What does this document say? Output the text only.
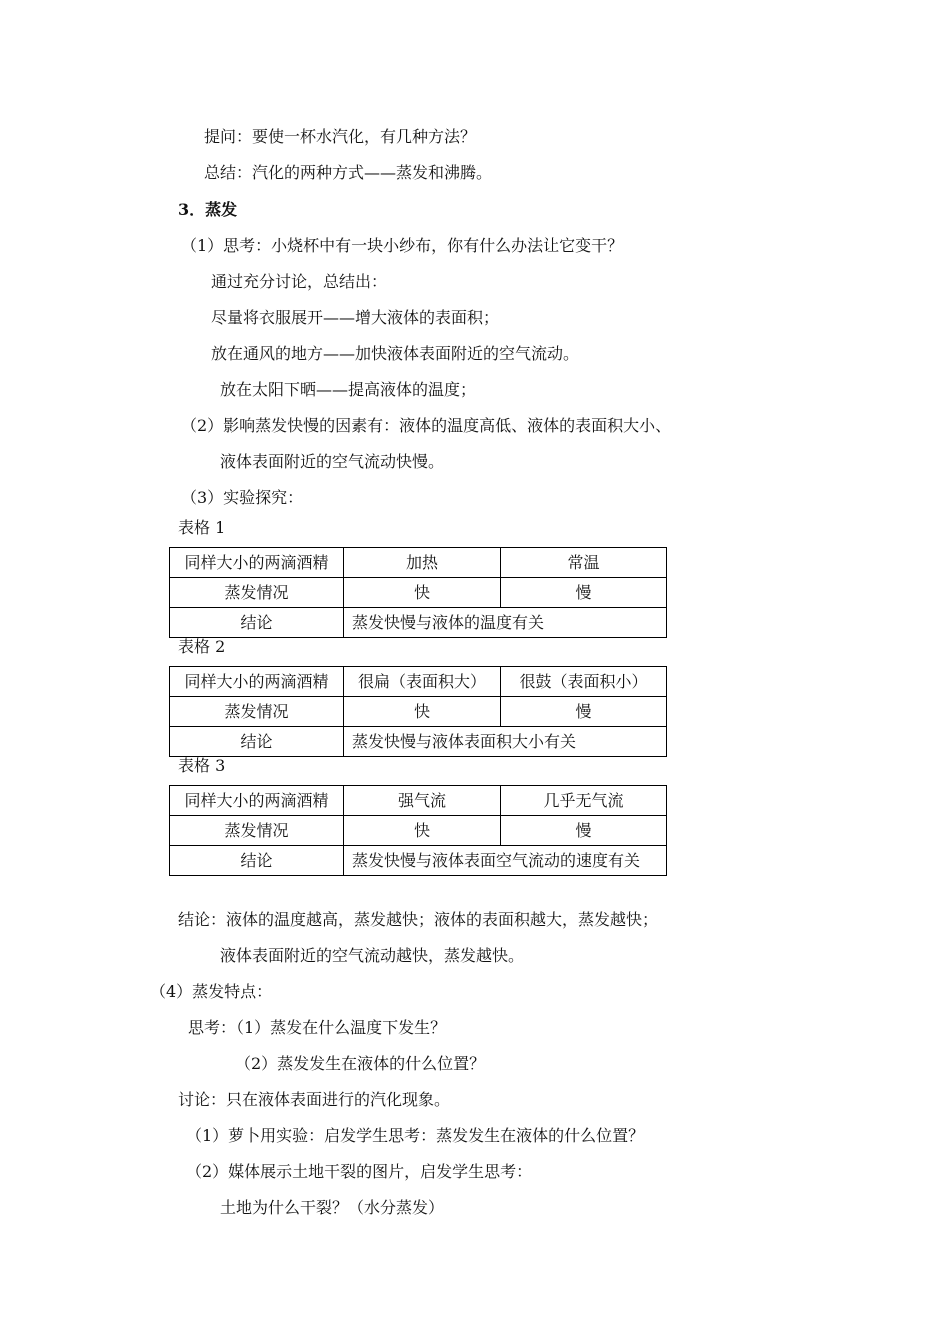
提问：要使一杯水汽化，有几种方法？
总结：汽化的两种方式——蒸发和沸腾。
3．蒸发
（1）思考：小烧杯中有一块小纱布，你有什么办法让它变干？
通过充分讨论，总结出：
尽量将衣服展开——增大液体的表面积；
放在通风的地方——加快液体表面附近的空气流动。
放在太阳下晒——提高液体的温度；
（2）影响蒸发快慢的因素有：液体的温度高低、液体的表面积大小、
液体表面附近的空气流动快慢。
（3）实验探究：
表格 1
同样大小的两滴酒精	加热	常温
蒸发情况	快	慢
结论	蒸发快慢与液体的温度有关	
表格 2
同样大小的两滴酒精	很扁（表面积大）	很鼓（表面积小）
蒸发情况	快	慢
结论	蒸发快慢与液体表面积大小有关	
表格 3
同样大小的两滴酒精	强气流	几乎无气流
蒸发情况	快	慢
结论	蒸发快慢与液体表面空气流动的速度有关	
结论：液体的温度越高，蒸发越快；液体的表面积越大，蒸发越快；
液体表面附近的空气流动越快，蒸发越快。
（4）蒸发特点：
思考：（1）蒸发在什么温度下发生？
（2）蒸发发生在液体的什么位置？
讨论：只在液体表面进行的汽化现象。
（1）萝卜用实验：启发学生思考：蒸发发生在液体的什么位置？
（2）媒体展示土地干裂的图片，启发学生思考：
土地为什么干裂？（水分蒸发）
